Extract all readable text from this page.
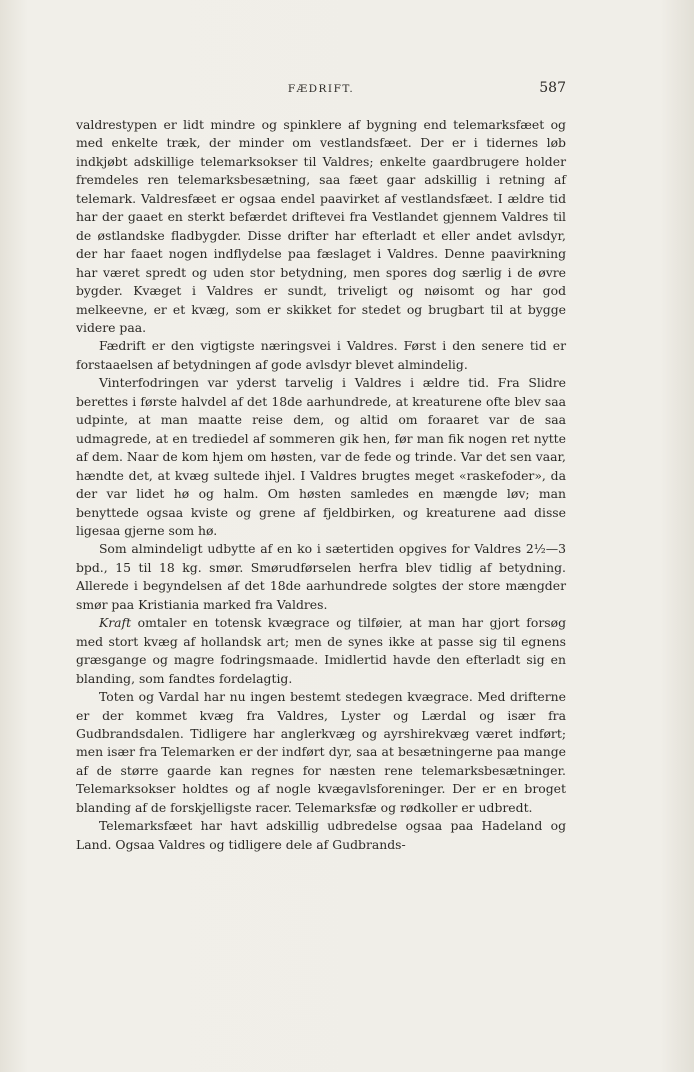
FÆDRIFT.	587

valdrestypen er lidt mindre og spinklere af bygning end telemarksfæet og med enkelte træk, der minder om vestlandsfæet. Der er i tidernes løb indkjøbt adskillige telemarksokser til Valdres; enkelte gaardbrugere holder fremdeles ren telemarksbesætning, saa fæet gaar adskillig i retning af telemark. Valdresfæet er ogsaa endel paavirket af vestlandsfæet. I ældre tid har der gaaet en sterkt befærdet driftevei fra Vestlandet gjennem Valdres til de østlandske fladbygder. Disse drifter har efterladt et eller andet avlsdyr, der har faaet nogen indflydelse paa fæslaget i Valdres. Denne paavirkning har været spredt og uden stor betydning, men spores dog særlig i de øvre bygder. Kvæget i Valdres er sundt, triveligt og nøisomt og har god melkeevne, er et kvæg, som er skikket for stedet og brugbart til at bygge videre paa.

Fædrift er den vigtigste næringsvei i Valdres. Først i den senere tid er forstaaelsen af betydningen af gode avlsdyr blevet almindelig.

Vinterfodringen var yderst tarvelig i Valdres i ældre tid. Fra Slidre berettes i første halvdel af det 18de aarhundrede, at kreaturene ofte blev saa udpinte, at man maatte reise dem, og altid om foraaret var de saa udmagrede, at en trediedel af sommeren gik hen, før man fik nogen ret nytte af dem. Naar de kom hjem om høsten, var de fede og trinde. Var det sen vaar, hændte det, at kvæg sultede ihjel. I Valdres brugtes meget «raskefoder», da der var lidet hø og halm. Om høsten samledes en mængde løv; man benyttede ogsaa kviste og grene af fjeldbirken, og kreaturene aad disse ligesaa gjerne som hø.

Som almindeligt udbytte af en ko i sætertiden opgives for Valdres 2½—3 bpd., 15 til 18 kg. smør. Smørudførselen herfra blev tidlig af betydning. Allerede i begyndelsen af det 18de aarhundrede solgtes der store mængder smør paa Kristiania marked fra Valdres.

Kraft omtaler en totensk kvægrace og tilføier, at man har gjort forsøg med stort kvæg af hollandsk art; men de synes ikke at passe sig til egnens græsgange og magre fodringsmaade. Imidlertid havde den efterladt sig en blanding, som fandtes fordelagtig.

Toten og Vardal har nu ingen bestemt stedegen kvægrace. Med drifterne er der kommet kvæg fra Valdres, Lyster og Lærdal og især fra Gudbrandsdalen. Tidligere har anglerkvæg og ayrshirekvæg været indført; men især fra Telemarken er der indført dyr, saa at besætningerne paa mange af de større gaarde kan regnes for næsten rene telemarksbesætninger. Telemarksokser holdtes og af nogle kvægavlsforeninger. Der er en broget blanding af de forskjelligste racer. Telemarksfæ og rødkoller er udbredt.

Telemarksfæet har havt adskillig udbredelse ogsaa paa Hadeland og Land. Ogsaa Valdres og tidligere dele af Gudbrands-
